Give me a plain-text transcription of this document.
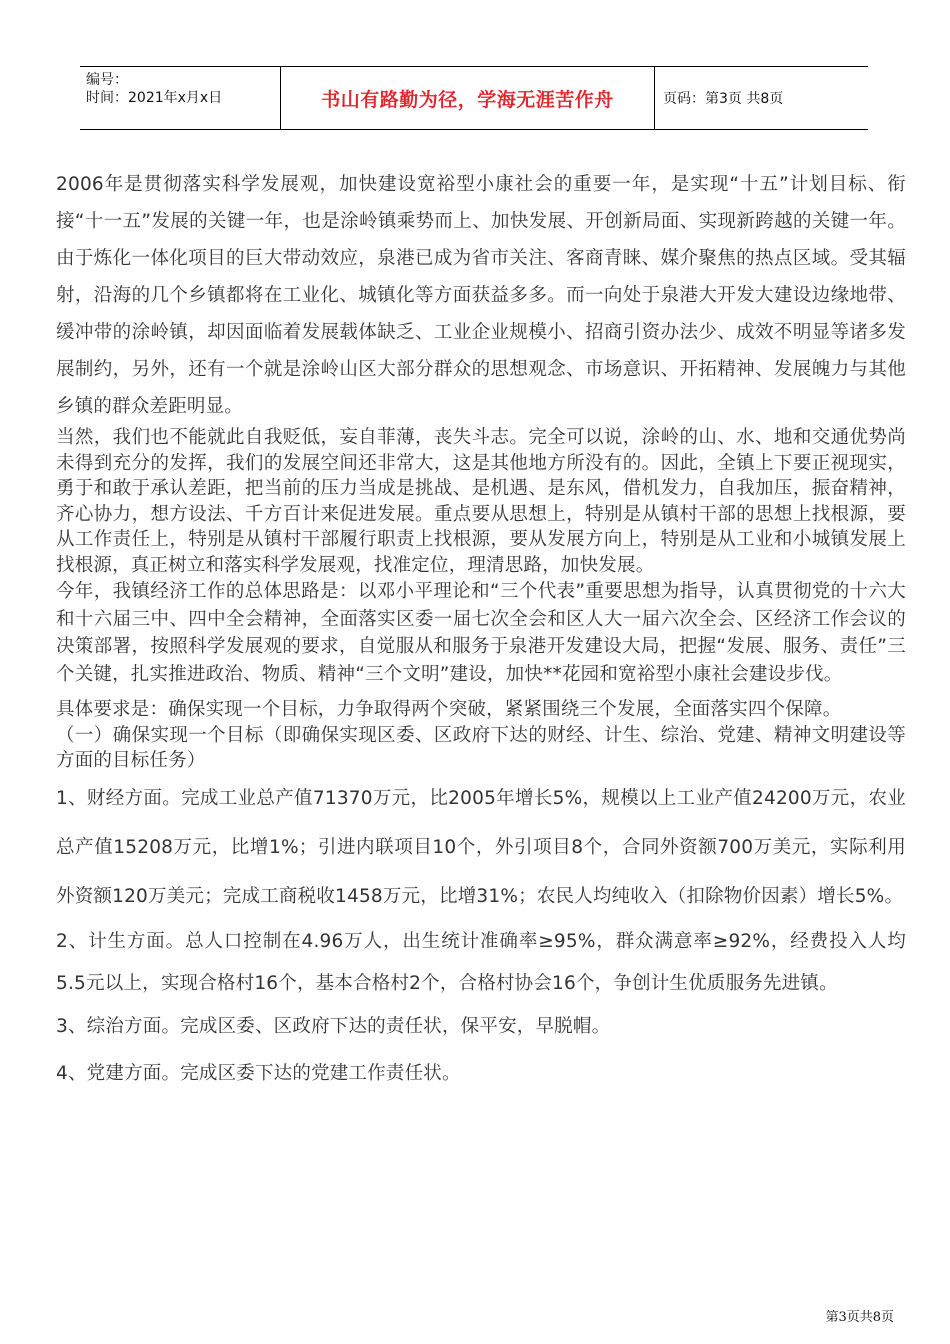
编号：
时间：2021年x月x日	书山有路勤为径，学海无涯苦作舟	页码：第3页 共8页

2006年是贯彻落实科学发展观，加快建设宽裕型小康社会的重要一年，是实现“十五”计划目标、衔接“十一五”发展的关键一年，也是涂岭镇乘势而上、加快发展、开创新局面、实现新跨越的关键一年。由于炼化一体化项目的巨大带动效应，泉港已成为省市关注、客商青睐、媒介聚焦的热点区域。受其辐射，沿海的几个乡镇都将在工业化、城镇化等方面获益多多。而一向处于泉港大开发大建设边缘地带、缓冲带的涂岭镇，却因面临着发展载体缺乏、工业企业规模小、招商引资办法少、成效不明显等诸多发展制约，另外，还有一个就是涂岭山区大部分群众的思想观念、市场意识、开拓精神、发展魄力与其他乡镇的群众差距明显。

当然，我们也不能就此自我贬低，妄自菲薄，丧失斗志。完全可以说，涂岭的山、水、地和交通优势尚未得到充分的发挥，我们的发展空间还非常大，这是其他地方所没有的。因此，全镇上下要正视现实，勇于和敢于承认差距，把当前的压力当成是挑战、是机遇、是东风，借机发力，自我加压，振奋精神，齐心协力，想方设法、千方百计来促进发展。重点要从思想上，特别是从镇村干部的思想上找根源，要从工作责任上，特别是从镇村干部履行职责上找根源，要从发展方向上，特别是从工业和小城镇发展上找根源，真正树立和落实科学发展观，找准定位，理清思路，加快发展。

今年，我镇经济工作的总体思路是：以邓小平理论和“三个代表”重要思想为指导，认真贯彻党的十六大和十六届三中、四中全会精神，全面落实区委一届七次全会和区人大一届六次全会、区经济工作会议的决策部署，按照科学发展观的要求，自觉服从和服务于泉港开发建设大局，把握“发展、服务、责任”三个关键，扎实推进政治、物质、精神“三个文明”建设，加快**花园和宽裕型小康社会建设步伐。

具体要求是：确保实现一个目标，力争取得两个突破，紧紧围绕三个发展，全面落实四个保障。

（一）确保实现一个目标（即确保实现区委、区政府下达的财经、计生、综治、党建、精神文明建设等方面的目标任务）

1、财经方面。完成工业总产值71370万元，比2005年增长5%，规模以上工业产值24200万元，农业总产值15208万元，比增1%；引进内联项目10个，外引项目8个，合同外资额700万美元，实际利用外资额120万美元；完成工商税收1458万元，比增31%；农民人均纯收入（扣除物价因素）增长5%。

2、计生方面。总人口控制在4.96万人，出生统计准确率≥95%，群众满意率≥92%，经费投入人均5.5元以上，实现合格村16个，基本合格村2个，合格村协会16个，争创计生优质服务先进镇。

3、综治方面。完成区委、区政府下达的责任状，保平安，早脱帽。

4、党建方面。完成区委下达的党建工作责任状。

第3页共8页
